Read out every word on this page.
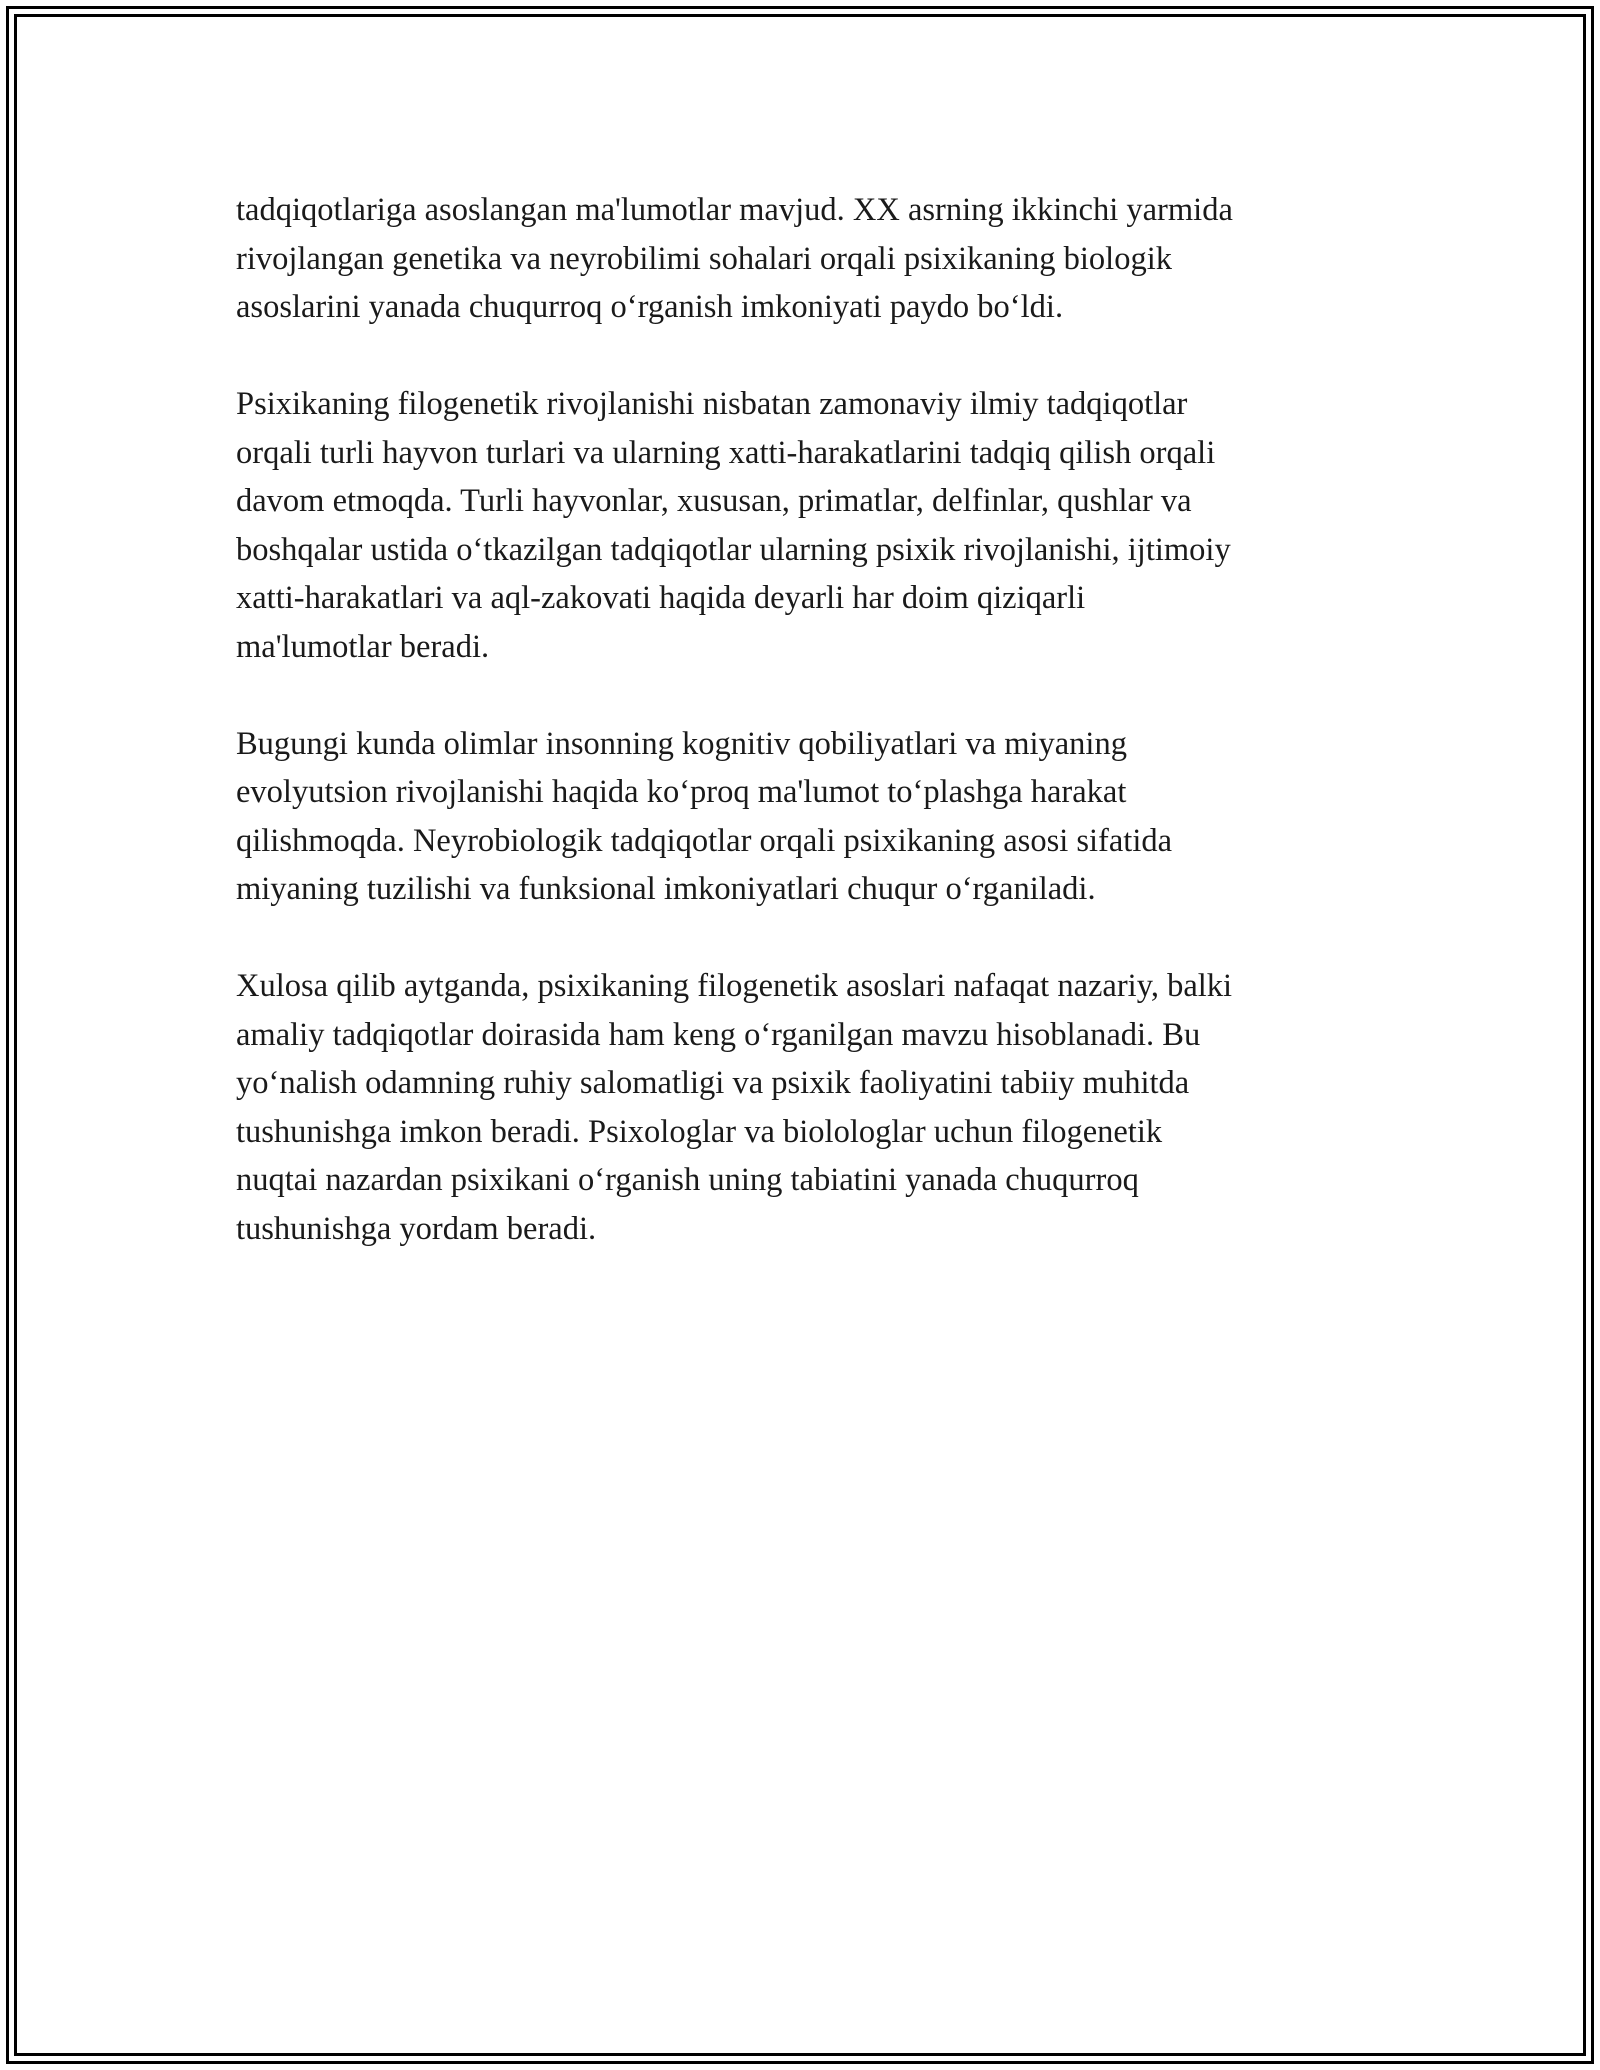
tadqiqotlariga asoslangan ma'lumotlar mavjud. XX asrning ikkinchi yarmida
rivojlangan genetika va neyrobilimi sohalari orqali psixikaning biologik
asoslarini yanada chuqurroq o‘rganish imkoniyati paydo bo‘ldi.

Psixikaning filogenetik rivojlanishi nisbatan zamonaviy ilmiy tadqiqotlar
orqali turli hayvon turlari va ularning xatti-harakatlarini tadqiq qilish orqali
davom etmoqda. Turli hayvonlar, xususan, primatlar, delfinlar, qushlar va
boshqalar ustida o‘tkazilgan tadqiqotlar ularning psixik rivojlanishi, ijtimoiy
xatti-harakatlari va aql-zakovati haqida deyarli har doim qiziqarli
ma'lumotlar beradi.

Bugungi kunda olimlar insonning kognitiv qobiliyatlari va miyaning
evolyutsion rivojlanishi haqida ko‘proq ma'lumot to‘plashga harakat
qilishmoqda. Neyrobiologik tadqiqotlar orqali psixikaning asosi sifatida
miyaning tuzilishi va funksional imkoniyatlari chuqur o‘rganiladi.

Xulosa qilib aytganda, psixikaning filogenetik asoslari nafaqat nazariy, balki
amaliy tadqiqotlar doirasida ham keng o‘rganilgan mavzu hisoblanadi. Bu
yo‘nalish odamning ruhiy salomatligi va psixik faoliyatini tabiiy muhitda
tushunishga imkon beradi. Psixologlar va biolologlar uchun filogenetik
nuqtai nazardan psixikani o‘rganish uning tabiatini yanada chuqurroq
tushunishga yordam beradi.
